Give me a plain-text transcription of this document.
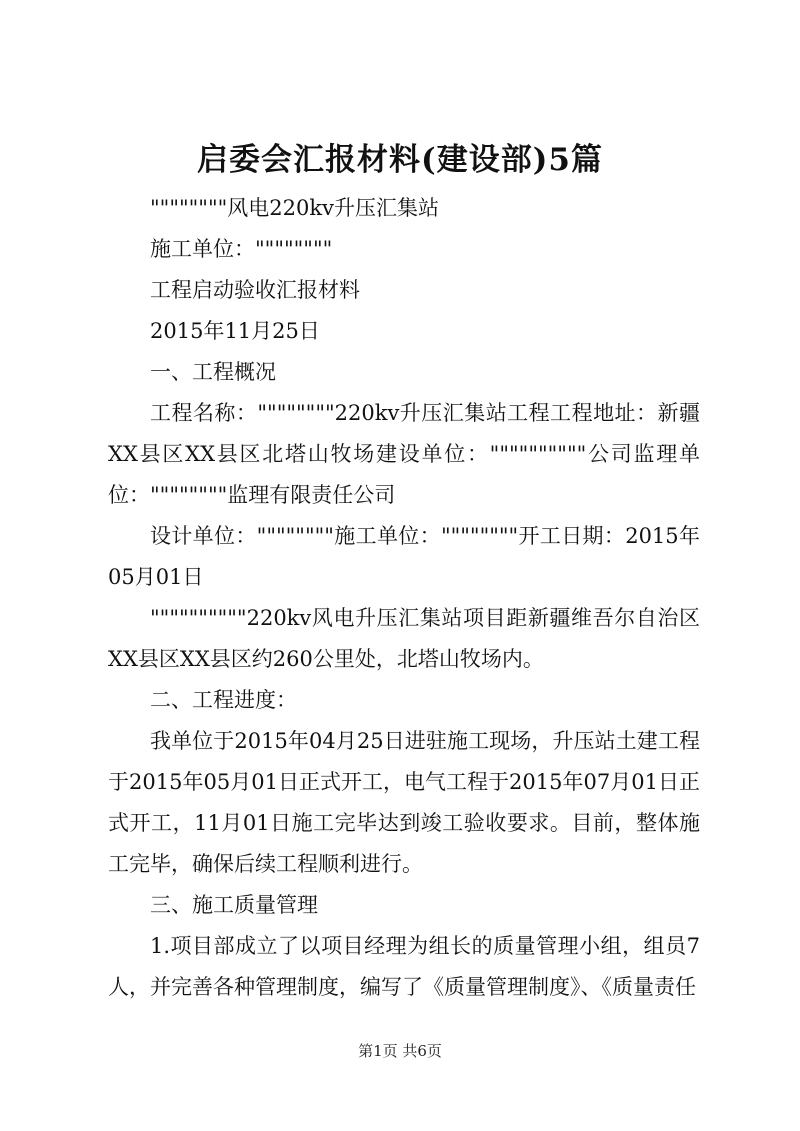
启委会汇报材料(建设部)5篇

""""""""风电220kv升压汇集站

施工单位：""""""""

工程启动验收汇报材料

2015年11月25日

一、工程概况

工程名称：""""""""220kv升压汇集站工程工程地址：新疆XX县区XX县区北塔山牧场建设单位：""""""""""公司监理单位：""""""""监理有限责任公司

设计单位：""""""""施工单位：""""""""开工日期：2015年05月01日

""""""""""220kv风电升压汇集站项目距新疆维吾尔自治区XX县区XX县区约260公里处，北塔山牧场内。

二、工程进度：

我单位于2015年04月25日进驻施工现场，升压站土建工程于2015年05月01日正式开工，电气工程于2015年07月01日正式开工，11月01日施工完毕达到竣工验收要求。目前，整体施工完毕，确保后续工程顺利进行。

三、施工质量管理

1.项目部成立了以项目经理为组长的质量管理小组，组员7人，并完善各种管理制度，编写了《质量管理制度》、《质量责任

第1页 共6页
